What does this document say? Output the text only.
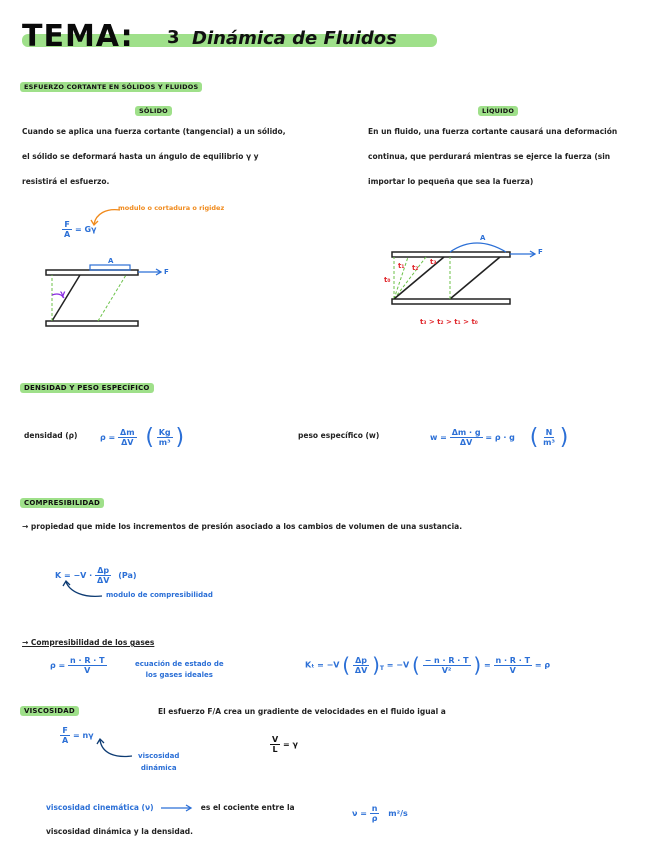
TEMA: 3 Dinámica de Fluidos
ESFUERZO CORTANTE EN SÓLIDOS Y FLUIDOS
SÓLIDO
Cuando se aplica una fuerza cortante (tangencial) a un sólido,
el sólido se deformará hasta un ángulo de equilibrio γ y
resistirá el esfuerzo.
$\frac{F}{A} = G\gamma$
modulo o cortadura o rigidez
F
A
γ
LÍQUIDO
En un fluido, una fuerza cortante causará una deformación
continua, que perdurará mientras se ejerce la fuerza (sin
importar lo pequeña que sea la fuerza)
F
A
t₀
t₁ t₂
t₃
t₃ > t₂ > t₁ > t₀
DENSIDAD Y PESO ESPECÍFICO
densidad (ρ)	$\rho = \frac{\Delta m}{\Delta V}$ ( $\frac{Kg}{\text{m³}}$ )	peso específico (w)	$w = \frac{\Delta m \cdot g}{\Delta V} = \rho \cdot g$ ( $\frac{N}{\text{m³}}$ )
COMPRESIBILIDAD
→ propiedad que mide los incrementos de presión asociado a los cambios de volumen de una sustancia.
$K = -V \cdot \frac{\Delta p}{\Delta V} (Pa)$
modulo de compresibilidad
→ Compresibilidad de los gases
$\rho = \frac{n \cdot R \cdot T}{V}$	ecuación de estado de
los gases ideales
Kₜ = −V ( $\frac{\Delta p}{\Delta V} )_T = -V$ ( $\frac{- n \cdot R \cdot T}{\text{V²}}$ ) = $\frac{n \cdot R \cdot T}{V} = \rho$
VISCOSIDAD	El esfuerzo F/A crea un gradiente de velocidades en el fluido igual a
$\frac{F}{A} = n\gamma$
viscosidad
dinámica
$\frac{V}{L} = \gamma$
viscosidad cinemática (ν)	es el cociente entre la
viscosidad dinámica y la densidad.
$\nu = \frac{n}{\rho} m^2/s$
